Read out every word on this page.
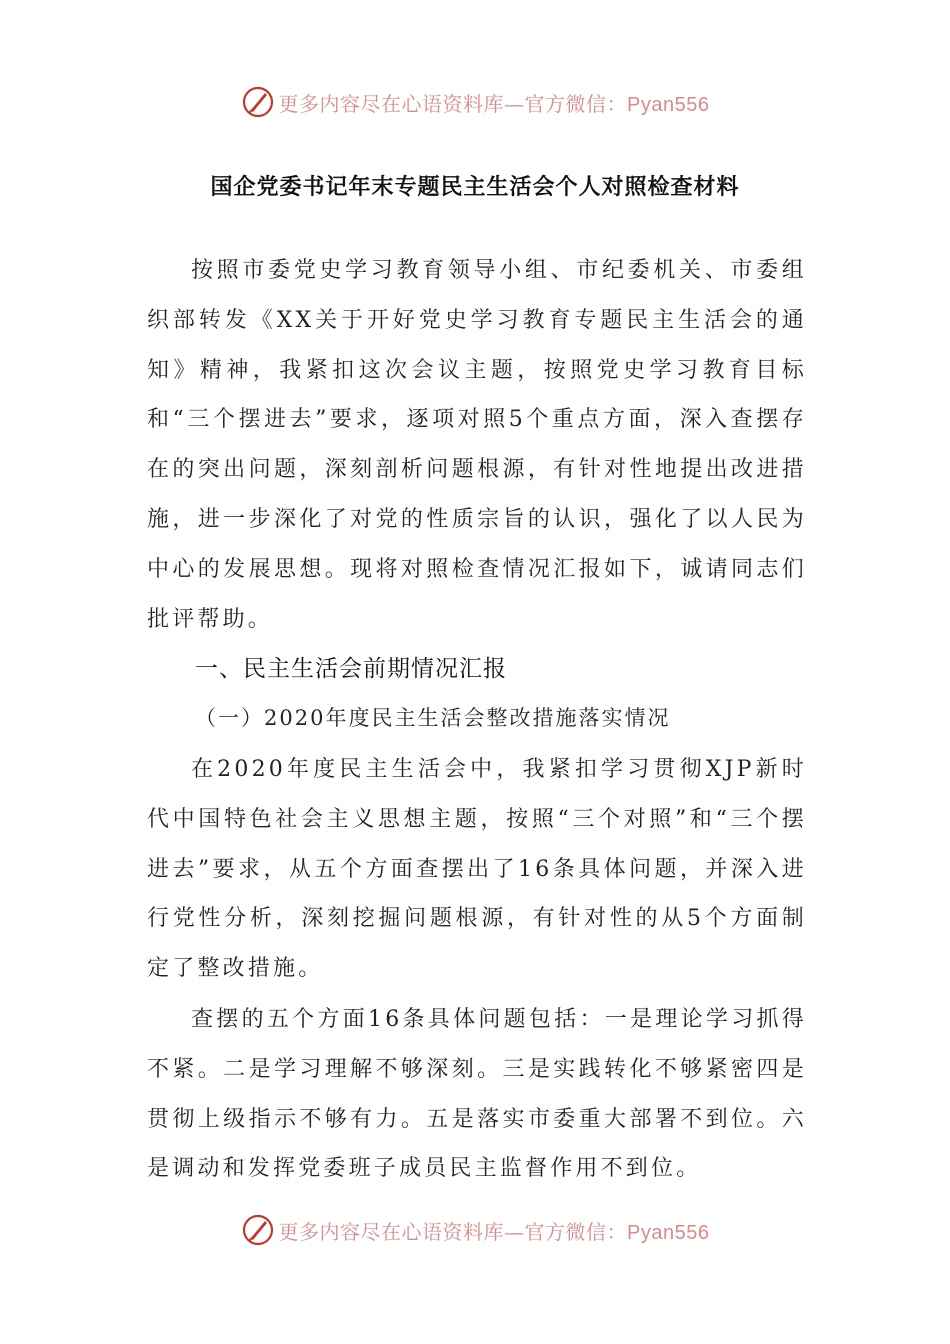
更多内容尽在心语资料库—官方微信：Pyan556
国企党委书记年末专题民主生活会个人对照检查材料

按照市委党史学习教育领导小组、市纪委机关、市委组织部转发《XX关于开好党史学习教育专题民主生活会的通知》精神，我紧扣这次会议主题，按照党史学习教育目标和“三个摆进去”要求，逐项对照5个重点方面，深入查摆存在的突出问题，深刻剖析问题根源，有针对性地提出改进措施，进一步深化了对党的性质宗旨的认识，强化了以人民为中心的发展思想。现将对照检查情况汇报如下，诚请同志们批评帮助。

一、民主生活会前期情况汇报
（一）2020年度民主生活会整改措施落实情况

在2020年度民主生活会中，我紧扣学习贯彻XJP新时代中国特色社会主义思想主题，按照“三个对照”和“三个摆进去”要求，从五个方面查摆出了16条具体问题，并深入进行党性分析，深刻挖掘问题根源，有针对性的从5个方面制定了整改措施。

查摆的五个方面16条具体问题包括：一是理论学习抓得不紧。二是学习理解不够深刻。三是实践转化不够紧密四是贯彻上级指示不够有力。五是落实市委重大部署不到位。六是调动和发挥党委班子成员民主监督作用不到位。

更多内容尽在心语资料库—官方微信：Pyan556
